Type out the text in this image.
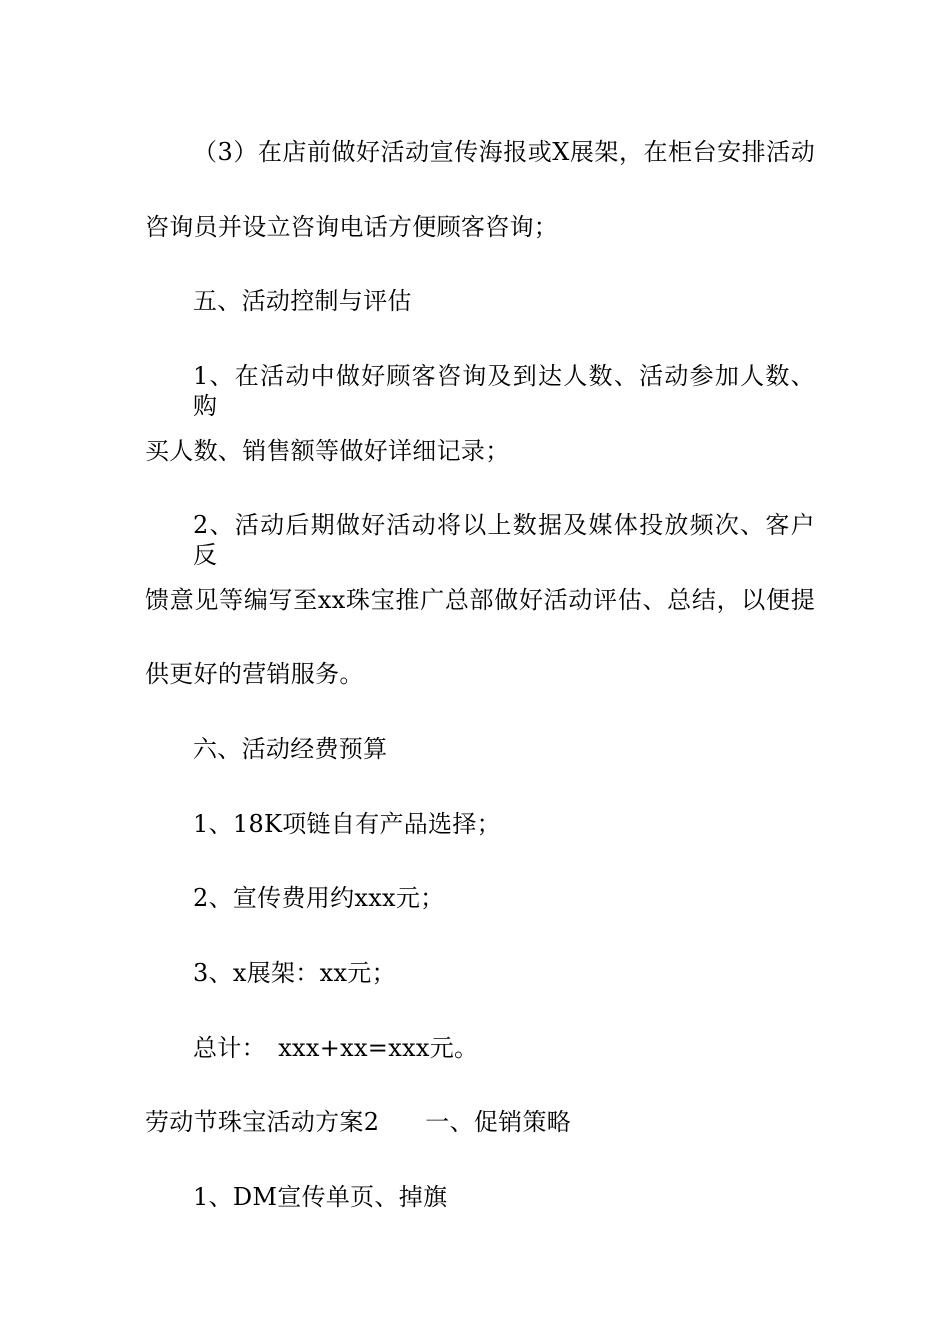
（3）在店前做好活动宣传海报或X展架，在柜台安排活动
咨询员并设立咨询电话方便顾客咨询；
五、活动控制与评估
1、在活动中做好顾客咨询及到达人数、活动参加人数、购
买人数、销售额等做好详细记录；
2、活动后期做好活动将以上数据及媒体投放频次、客户反
馈意见等编写至xx珠宝推广总部做好活动评估、总结，以便提
供更好的营销服务。
六、活动经费预算
1、18K项链自有产品选择；
2、宣传费用约xxx元；
3、x展架：xx元；
总计：　xxx+xx=xxx元。
劳动节珠宝活动方案2 一、促销策略
1、DM宣传单页、掉旗
